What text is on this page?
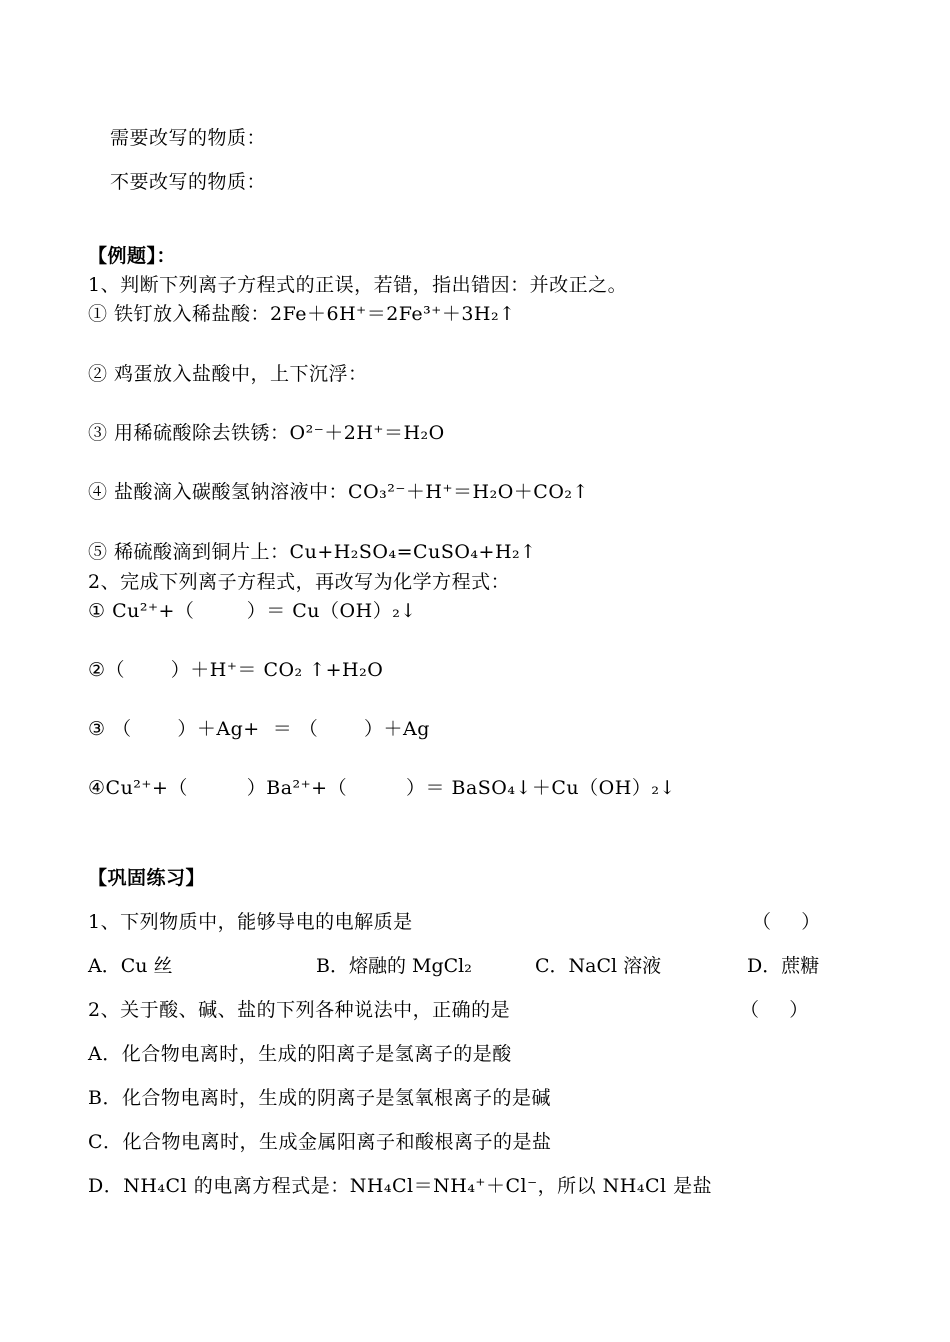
需要改写的物质：
不要改写的物质：
【例题】：
1、判断下列离子方程式的正误，若错，指出错因：并改正之。
① 铁钉放入稀盐酸：2Fe＋6H⁺＝2Fe³⁺＋3H₂↑
② 鸡蛋放入盐酸中，上下沉浮：
③ 用稀硫酸除去铁锈：O²⁻＋2H⁺＝H₂O
④ 盐酸滴入碳酸氢钠溶液中：CO₃²⁻＋H⁺＝H₂O＋CO₂↑
⑤ 稀硫酸滴到铜片上：Cu+H₂SO₄=CuSO₄+H₂↑
2、完成下列离子方程式，再改写为化学方程式：
① Cu²⁺+（        ）＝ Cu（OH）₂↓
②（       ）＋H⁺＝ CO₂ ↑+H₂O
③ （       ）＋Ag+  ＝ （       ）＋Ag
④Cu²⁺+（         ）Ba²⁺+（         ）＝ BaSO₄↓＋Cu（OH）₂↓
【巩固练习】
1、下列物质中，能够导电的电解质是	（     ）
A．Cu 丝	B．熔融的 MgCl₂	C．NaCl 溶液	D．蔗糖
2、关于酸、碱、盐的下列各种说法中，正确的是	（     ）
A．化合物电离时，生成的阳离子是氢离子的是酸
B．化合物电离时，生成的阴离子是氢氧根离子的是碱
C．化合物电离时，生成金属阳离子和酸根离子的是盐
D．NH₄Cl 的电离方程式是：NH₄Cl＝NH₄⁺＋Cl⁻，所以 NH₄Cl 是盐
